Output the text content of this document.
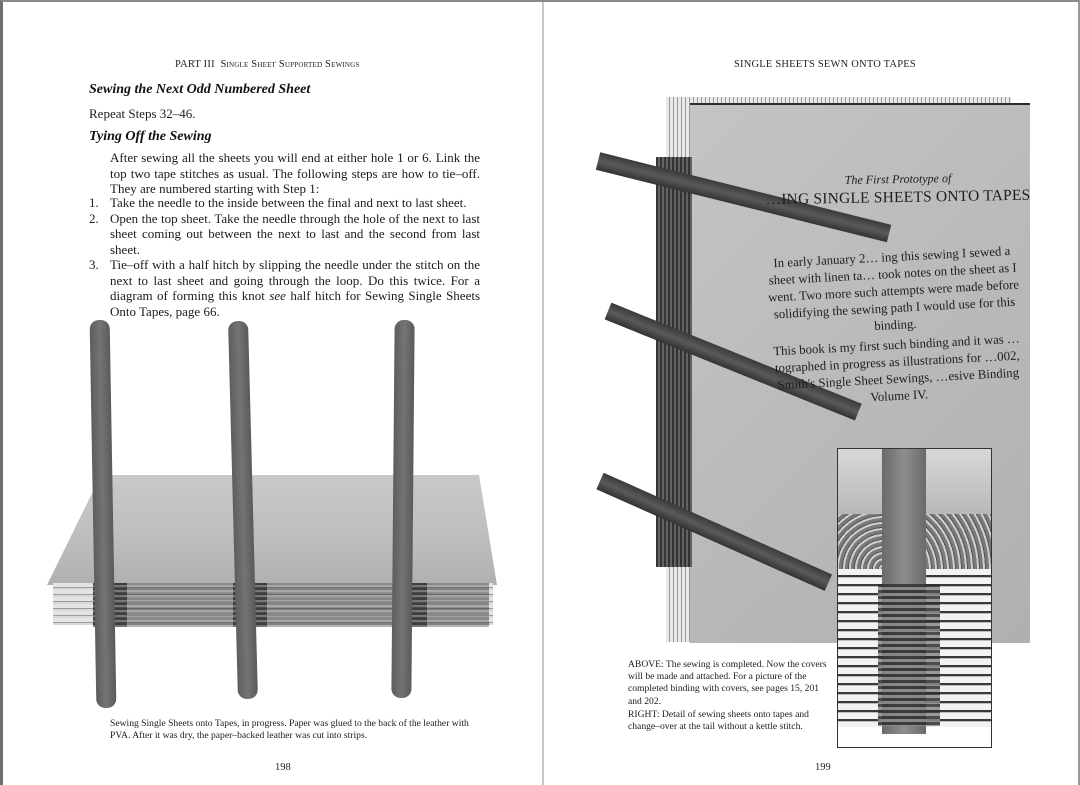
PART III Single Sheet Supported Sewings
Sewing the Next Odd Numbered Sheet
Repeat Steps 32–46.
Tying Off the Sewing
After sewing all the sheets you will end at either hole 1 or 6. Link the top two tape stitches as usual. The following steps are how to tie–off. They are numbered starting with Step 1:
1. Take the needle to the inside between the final and next to last sheet.
2. Open the top sheet. Take the needle through the hole of the next to last sheet coming out between the next to last and the second from last sheet.
3. Tie–off with a half hitch by slipping the needle under the stitch on the next to last sheet and going through the loop. Do this twice. For a diagram of forming this knot see half hitch for Sewing Single Sheets Onto Tapes, page 66.
Sewing Single Sheets onto Tapes, in progress. Paper was glued to the back of the leather with PVA. After it was dry, the paper–backed leather was cut into strips.
198
SINGLE SHEETS SEWN ONTO TAPES
The First Prototype of
…ING SINGLE SHEETS ONTO TAPES

In early January 2… ing this sewing I sewed a sheet with linen ta… took notes on the sheet as I went. Two more such attempts were made before solidifying the sewing path I would use for this binding.

This book is my first such binding and it was …tographed in progress as illustrations for …002, Smith's Single Sheet Sewings, …esive Binding Volume IV.

ABOVE: The sewing is completed. Now the covers will be made and attached. For a picture of the completed binding with covers, see pages 15, 201 and 202.
RIGHT: Detail of sewing sheets onto tapes and change–over at the tail without a kettle stitch.
199
